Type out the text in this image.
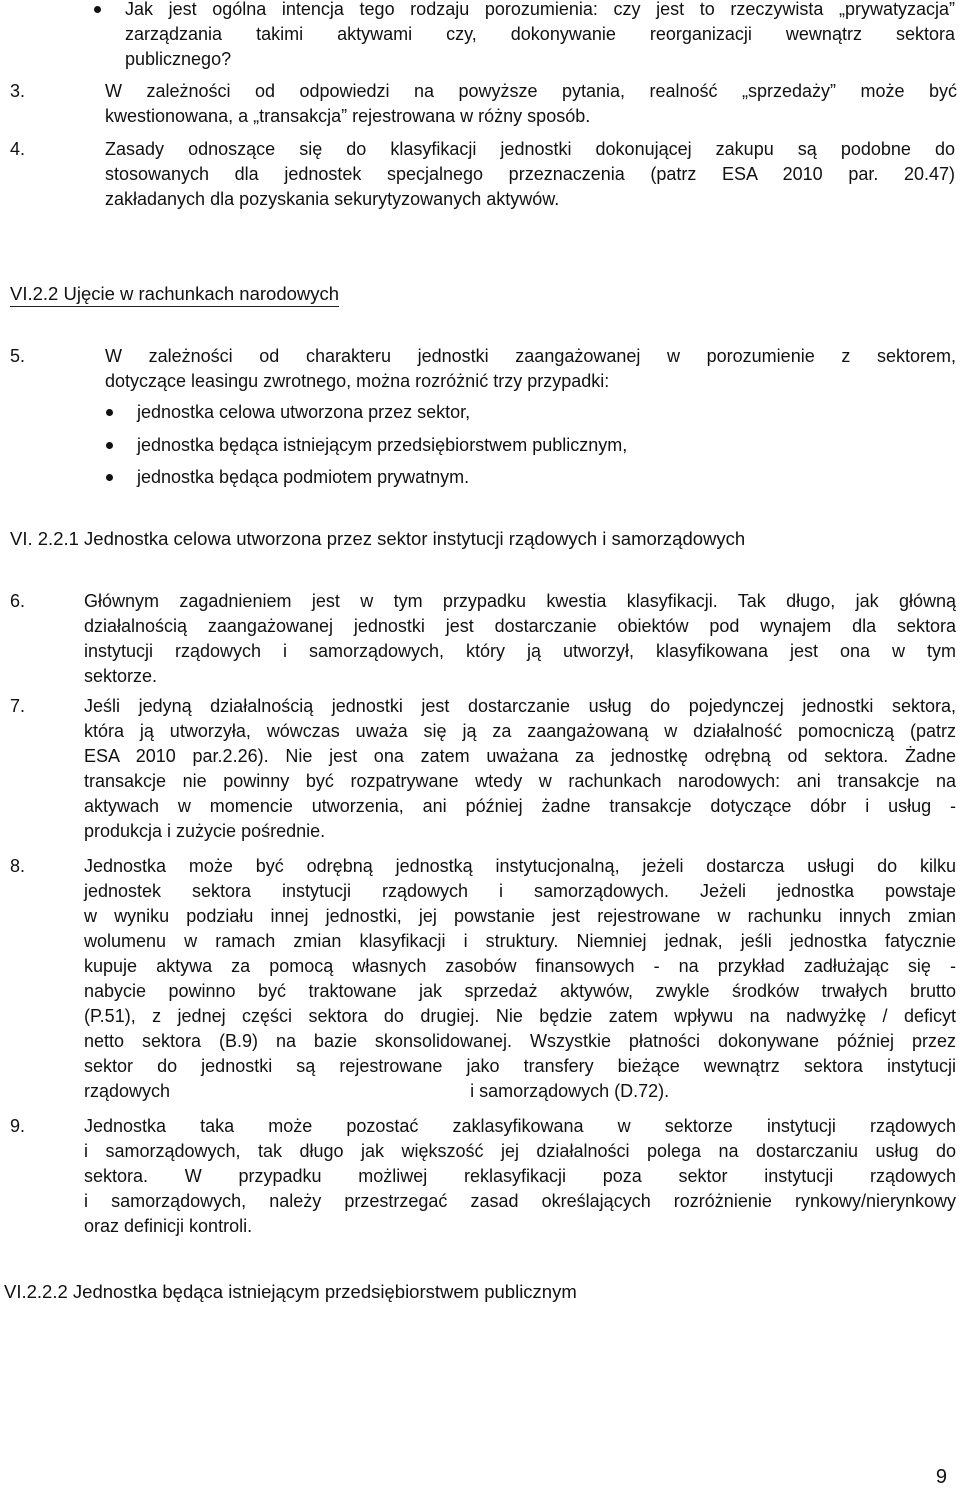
Jak jest ogólna intencja tego rodzaju porozumienia: czy jest to rzeczywista „prywatyzacja”
zarządzania takimi aktywami czy, dokonywanie reorganizacji wewnątrz sektora
publicznego?
3.	W zależności od odpowiedzi na powyższe pytania, realność „sprzedaży” może być
kwestionowana, a „transakcja” rejestrowana w różny sposób.
4.	Zasady odnoszące się do klasyfikacji jednostki dokonującej zakupu są podobne do
stosowanych dla jednostek specjalnego przeznaczenia (patrz ESA 2010 par. 20.47)
zakładanych dla pozyskania sekurytyzowanych aktywów.
VI.2.2 Ujęcie w rachunkach narodowych
5.	W zależności od charakteru jednostki zaangażowanej w porozumienie z sektorem,
dotyczące leasingu zwrotnego, można rozróżnić trzy przypadki:
jednostka celowa utworzona przez sektor,
jednostka będąca istniejącym przedsiębiorstwem publicznym,
jednostka będąca podmiotem prywatnym.
VI. 2.2.1 Jednostka celowa utworzona przez sektor instytucji rządowych i samorządowych
6.	Głównym zagadnieniem jest w tym przypadku kwestia klasyfikacji. Tak długo, jak główną
działalnością zaangażowanej jednostki jest dostarczanie obiektów pod wynajem dla sektora
instytucji rządowych i samorządowych, który ją utworzył, klasyfikowana jest ona w tym
sektorze.
7.	Jeśli jedyną działalnością jednostki jest dostarczanie usług do pojedynczej jednostki sektora,
która ją utworzyła, wówczas uważa się ją za zaangażowaną w działalność pomocniczą (patrz
ESA 2010 par.2.26). Nie jest ona zatem uważana za jednostkę odrębną od sektora. Żadne
transakcje nie powinny być rozpatrywane wtedy w rachunkach narodowych: ani transakcje na
aktywach w momencie utworzenia, ani później żadne transakcje dotyczące dóbr i usług -
produkcja i zużycie pośrednie.
8.	Jednostka może być odrębną jednostką instytucjonalną, jeżeli dostarcza usługi do kilku
jednostek sektora instytucji rządowych i samorządowych. Jeżeli jednostka powstaje
w wyniku podziału innej jednostki, jej powstanie jest rejestrowane w rachunku innych zmian
wolumenu w ramach zmian klasyfikacji i struktury. Niemniej jednak, jeśli jednostka fatycznie
kupuje aktywa za pomocą własnych zasobów finansowych - na przykład zadłużając się -
nabycie powinno być traktowane jak sprzedaż aktywów, zwykle środków trwałych brutto
(P.51), z jednej części sektora do drugiej. Nie będzie zatem wpływu na nadwyżkę / deficyt
netto sektora (B.9) na bazie skonsolidowanej. Wszystkie płatności dokonywane później przez
sektor do jednostki są rejestrowane jako transfery bieżące wewnątrz sektora instytucji
rządowych                                                            i samorządowych (D.72).
9.	Jednostka taka może pozostać zaklasyfikowana w sektorze instytucji rządowych
i samorządowych, tak długo jak większość jej działalności polega na dostarczaniu usług do
sektora. W przypadku możliwej reklasyfikacji poza sektor instytucji rządowych
i samorządowych, należy przestrzegać zasad określających rozróżnienie rynkowy/nierynkowy
oraz definicji kontroli.
VI.2.2.2 Jednostka będąca istniejącym przedsiębiorstwem publicznym
9
